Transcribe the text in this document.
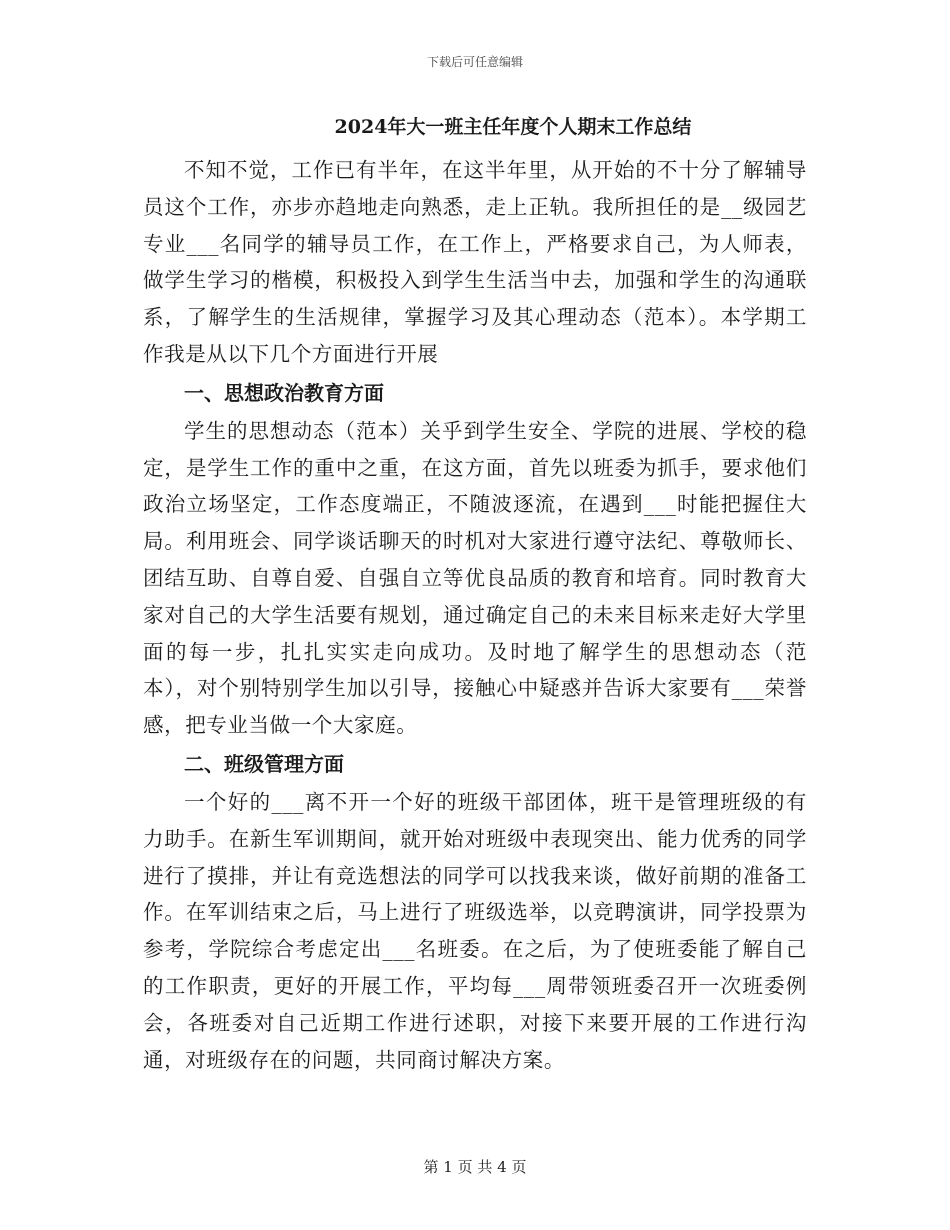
下载后可任意编辑
2024年大一班主任年度个人期末工作总结

不知不觉，工作已有半年，在这半年里，从开始的不十分了解辅导员这个工作，亦步亦趋地走向熟悉，走上正轨。我所担任的是__级园艺专业___名同学的辅导员工作，在工作上，严格要求自己，为人师表，做学生学习的楷模，积极投入到学生生活当中去，加强和学生的沟通联系，了解学生的生活规律，掌握学习及其心理动态（范本）。本学期工作我是从以下几个方面进行开展

一、思想政治教育方面

学生的思想动态（范本）关乎到学生安全、学院的进展、学校的稳定，是学生工作的重中之重，在这方面，首先以班委为抓手，要求他们政治立场坚定，工作态度端正，不随波逐流，在遇到___时能把握住大局。利用班会、同学谈话聊天的时机对大家进行遵守法纪、尊敬师长、团结互助、自尊自爱、自强自立等优良品质的教育和培育。同时教育大家对自己的大学生活要有规划，通过确定自己的未来目标来走好大学里面的每一步，扎扎实实走向成功。及时地了解学生的思想动态（范本），对个别特别学生加以引导，接触心中疑惑并告诉大家要有___荣誉感，把专业当做一个大家庭。

二、班级管理方面

一个好的___离不开一个好的班级干部团体，班干是管理班级的有力助手。在新生军训期间，就开始对班级中表现突出、能力优秀的同学进行了摸排，并让有竞选想法的同学可以找我来谈，做好前期的准备工作。在军训结束之后，马上进行了班级选举，以竞聘演讲，同学投票为参考，学院综合考虑定出___名班委。在之后，为了使班委能了解自己的工作职责，更好的开展工作，平均每___周带领班委召开一次班委例会，各班委对自己近期工作进行述职，对接下来要开展的工作进行沟通，对班级存在的问题，共同商讨解决方案。

第 1 页 共 4 页
